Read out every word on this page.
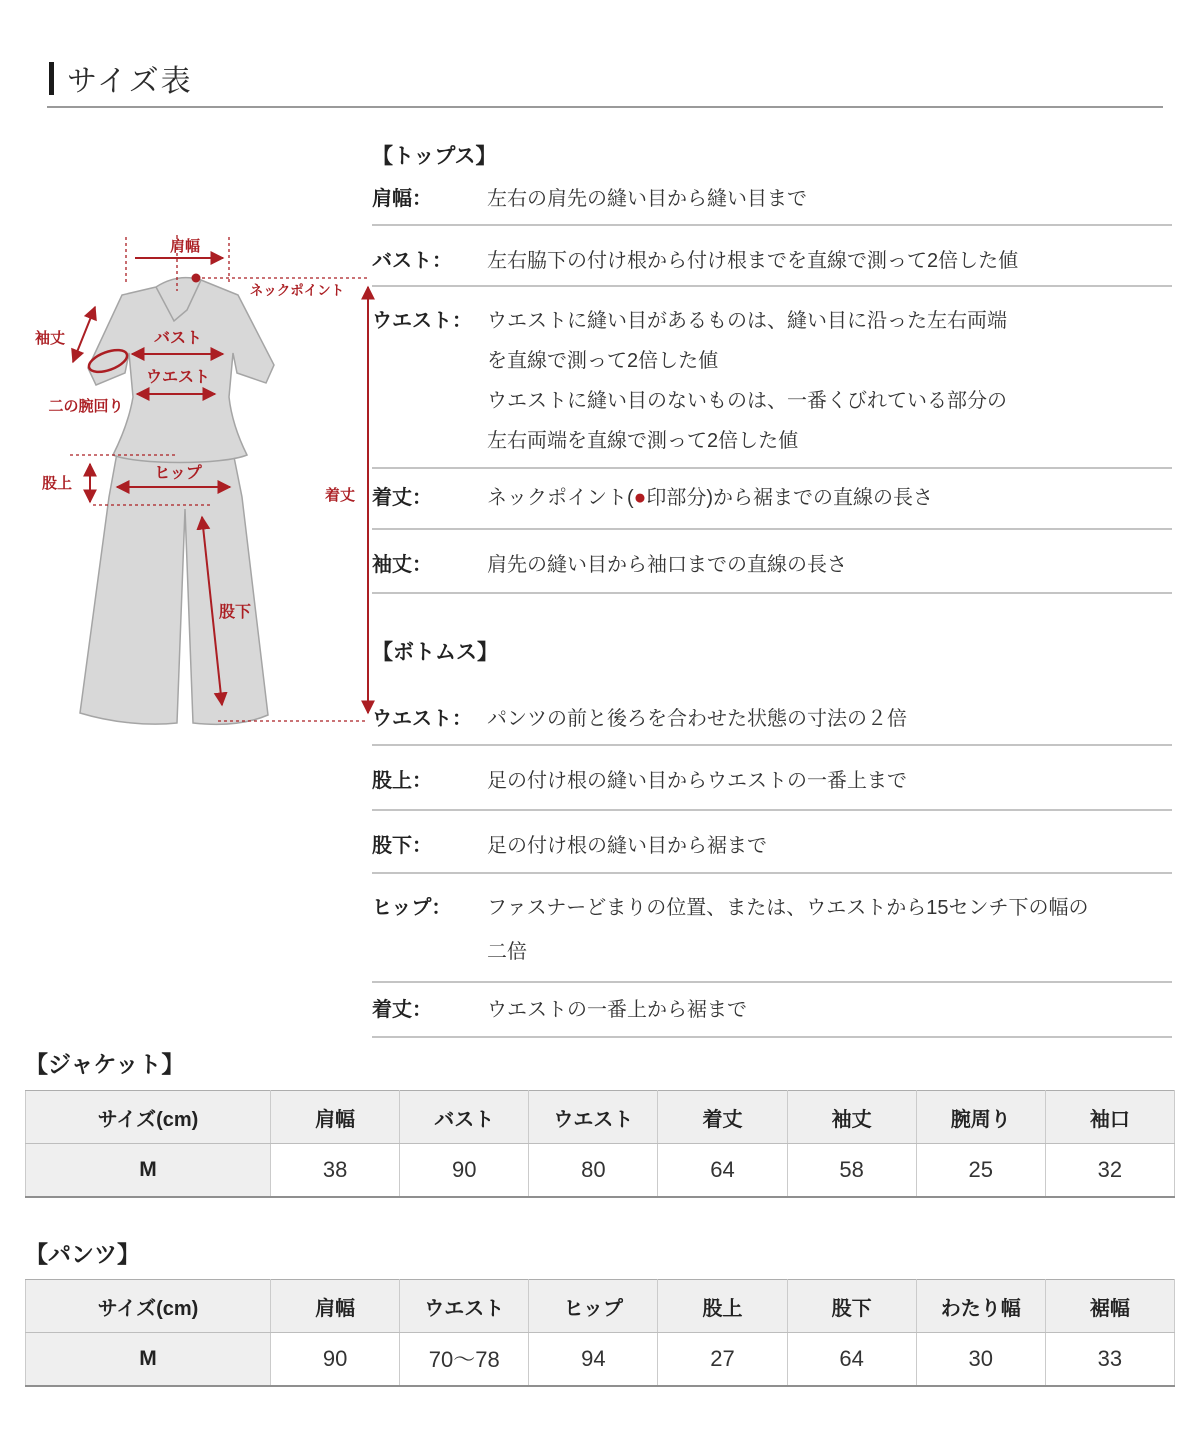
サイズ表
肩幅
ネックポイント
袖丈
二の腕回り
バスト
ウエスト
股上
ヒップ
股下
着丈
【トップス】
肩幅：	左右の肩先の縫い目から縫い目まで
バスト：	左右脇下の付け根から付け根までを直線で測って2倍した値
ウエスト： ウエストに縫い目があるものは、縫い目に沿った左右両端
を直線で測って2倍した値
ウエストに縫い目のないものは、一番くびれている部分の
左右両端を直線で測って2倍した値
着丈：	ネックポイント(●印部分)から裾までの直線の長さ
袖丈：	肩先の縫い目から袖口までの直線の長さ
【ボトムス】
ウエスト： パンツの前と後ろを合わせた状態の寸法の２倍
股上：	足の付け根の縫い目からウエストの一番上まで
股下：	足の付け根の縫い目から裾まで
ヒップ：	ファスナーどまりの位置、または、ウエストから15センチ下の幅の
二倍
着丈：	ウエストの一番上から裾まで
【ジャケット】
サイズ(cm)	肩幅	バスト	ウエスト	着丈	袖丈	腕周り	袖口
M	38	90	80	64	58	25	32
【パンツ】
サイズ(cm)	肩幅	ウエスト	ヒップ	股上	股下	わたり幅	裾幅
M	90	70〜78	94	27	64	30	33
